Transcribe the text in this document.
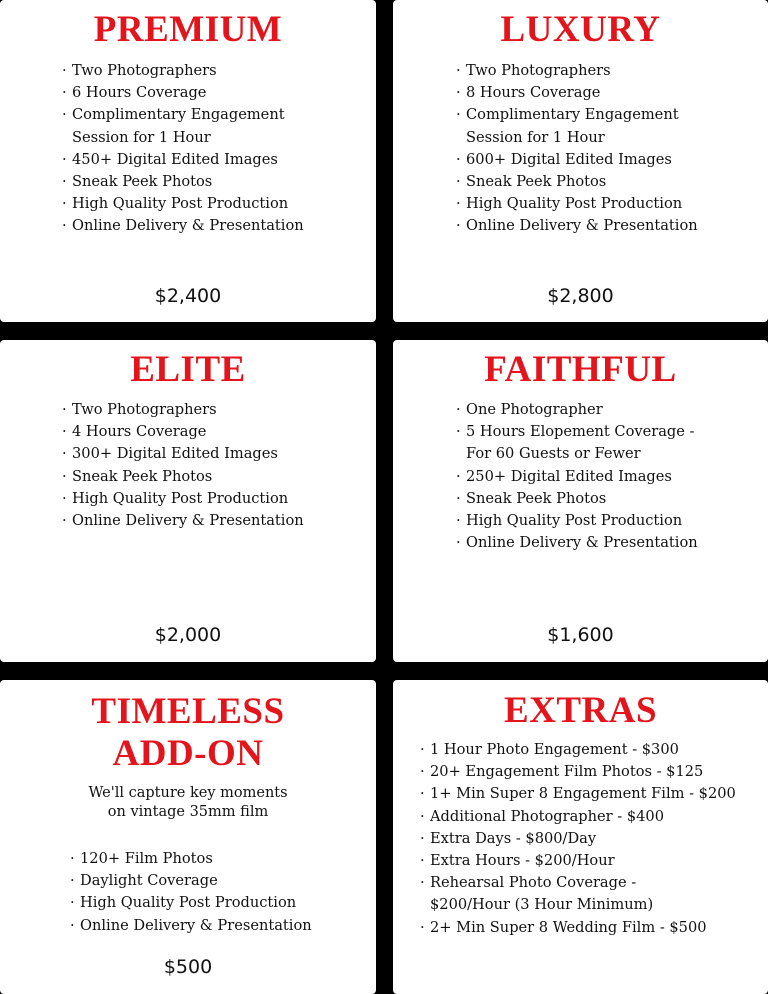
PREMIUM
· Two Photographers
· 6 Hours Coverage
· Complimentary Engagement
Session for 1 Hour
· 450+ Digital Edited Images
· Sneak Peek Photos
· High Quality Post Production
· Online Delivery & Presentation
$2,400
LUXURY
· Two Photographers
· 8 Hours Coverage
· Complimentary Engagement
Session for 1 Hour
· 600+ Digital Edited Images
· Sneak Peek Photos
· High Quality Post Production
· Online Delivery & Presentation
$2,800
ELITE
· Two Photographers
· 4 Hours Coverage
· 300+ Digital Edited Images
· Sneak Peek Photos
· High Quality Post Production
· Online Delivery & Presentation
$2,000
FAITHFUL
· One Photographer
· 5 Hours Elopement Coverage -
For 60 Guests or Fewer
· 250+ Digital Edited Images
· Sneak Peek Photos
· High Quality Post Production
· Online Delivery & Presentation
$1,600
TIMELESS
ADD-ON
We'll capture key moments
on vintage 35mm film
· 120+ Film Photos
· Daylight Coverage
· High Quality Post Production
· Online Delivery & Presentation
$500
EXTRAS
· 1 Hour Photo Engagement - $300
· 20+ Engagement Film Photos - $125
· 1+ Min Super 8 Engagement Film - $200
· Additional Photographer - $400
· Extra Days - $800/Day
· Extra Hours - $200/Hour
· Rehearsal Photo Coverage -
$200/Hour (3 Hour Minimum)
· 2+ Min Super 8 Wedding Film - $500
